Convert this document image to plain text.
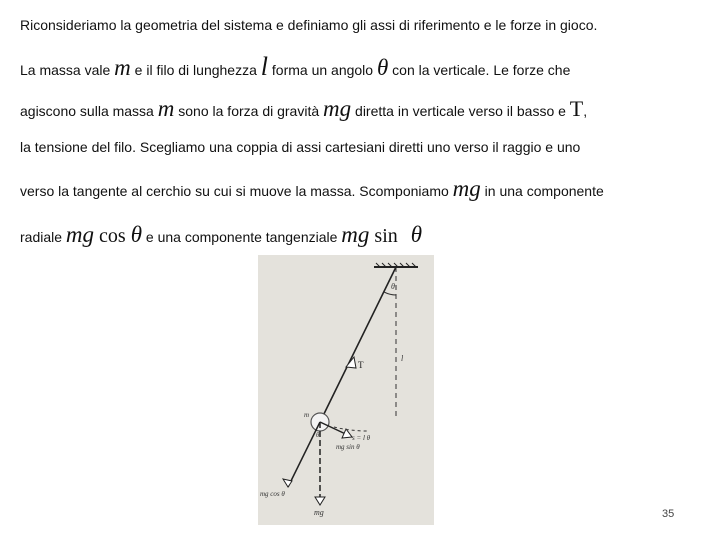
Riconsideriamo la geometria del sistema e definiamo gli assi di riferimento e le forze in gioco.
La massa vale m e il filo di lunghezza l forma un angolo θ con la verticale. Le forze che
agiscono sulla massa m sono la forza di gravità mg diretta in verticale verso il basso e T,
la tensione del filo. Scegliamo una coppia di assi cartesiani diretti uno verso il raggio e uno
verso la tangente al cerchio su cui si muove la massa. Scomponiamo mg in una componente
radiale mg cos θ e una componente tangenziale mg sin θ
θ
T
l
m
θ	s = l θ
mg sin θ
mg cos θ
mg	35
